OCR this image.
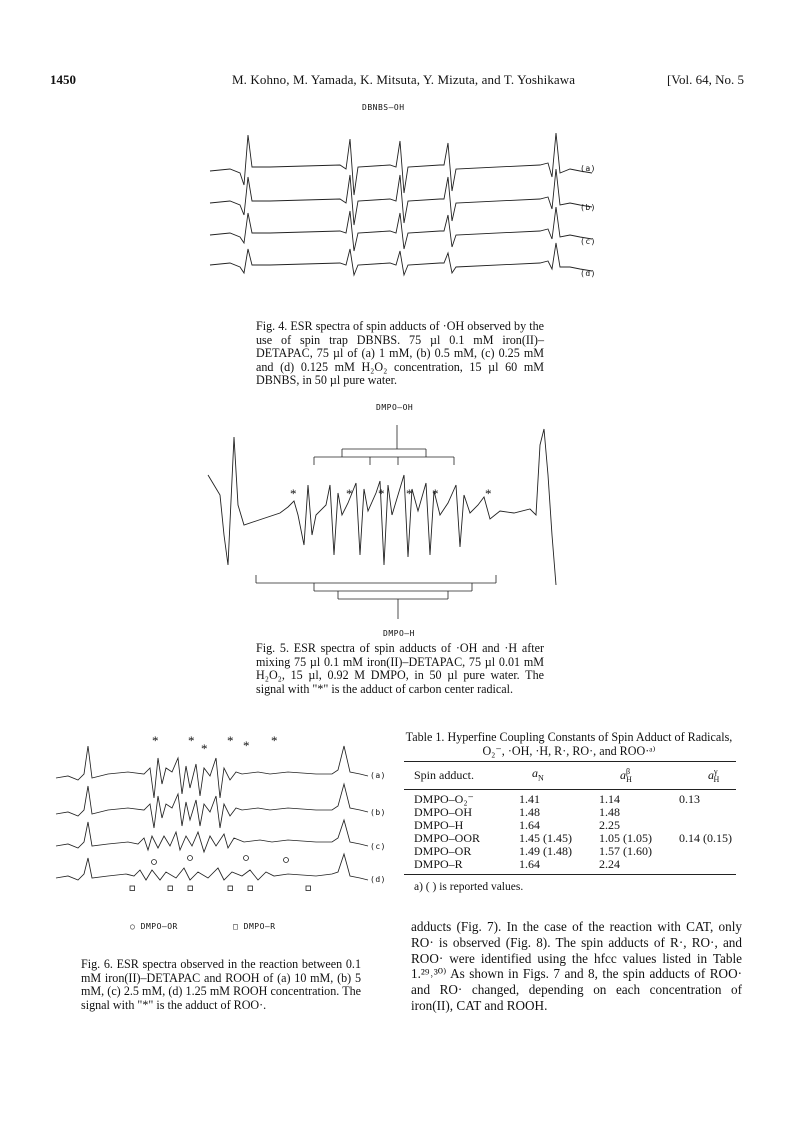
1450	M. Kohno, M. Yamada, K. Mitsuta, Y. Mizuta, and T. Yoshikawa	[Vol. 64, No. 5
DBNBS–OH
(a)
(b)
(c)
(d)

Fig. 4. ESR spectra of spin adducts of ·OH observed by the use of spin trap DBNBS. 75 µl 0.1 mM iron(II)–DETAPAC, 75 µl of (a) 1 mM, (b) 0.5 mM, (c) 0.25 mM and (d) 0.125 mM H₂O₂ concentration, 15 µl 60 mM DBNBS, in 50 µl pure water.

DMPO–OH
DMPO–H
*	* * * *	*

Fig. 5. ESR spectra of spin adducts of ·OH and ·H after mixing 75 µl 0.1 mM iron(II)–DETAPAC, 75 µl 0.01 mM H₂O₂, 15 µl, 0.92 M DMPO, in 50 µl pure water. The signal with "*" is the adduct of carbon center radical.

* *
*
* * *
(a)
(b)
(c)
(d)
○ DMPO–OR	□ DMPO–R

Fig. 6. ESR spectra observed in the reaction between 0.1 mM iron(II)–DETAPAC and ROOH of (a) 10 mM, (b) 5 mM, (c) 2.5 mM, (d) 1.25 mM ROOH concentration. The signal with "*" is the adduct of ROO·.

Table 1. Hyperfine Coupling Constants of Spin Adduct of Radicals, O₂⁻, ·OH, ·H, R·, RO·, and ROO·ᵃ⁾
Spin adduct.	$a_N$	$a^\beta_H$	$a^\gamma_H$
DMPO–O₂⁻	1.41	1.14	0.13
DMPO–OH	1.48	1.48	
DMPO–H	1.64	2.25	
DMPO–OOR	1.45 (1.45)	1.05 (1.05)	0.14 (0.15)
DMPO–OR	1.49 (1.48)	1.57 (1.60)	
DMPO–R	1.64	2.24	
a) ( ) is reported values.

adducts (Fig. 7). In the case of the reaction with CAT, only RO· is observed (Fig. 8). The spin adducts of R·, RO·, and ROO· were identified using the hfcc values listed in Table 1.²⁹˒³⁰⁾ As shown in Figs. 7 and 8, the spin adducts of ROO· and RO· changed, depending on each concentration of iron(II), CAT and ROOH.
